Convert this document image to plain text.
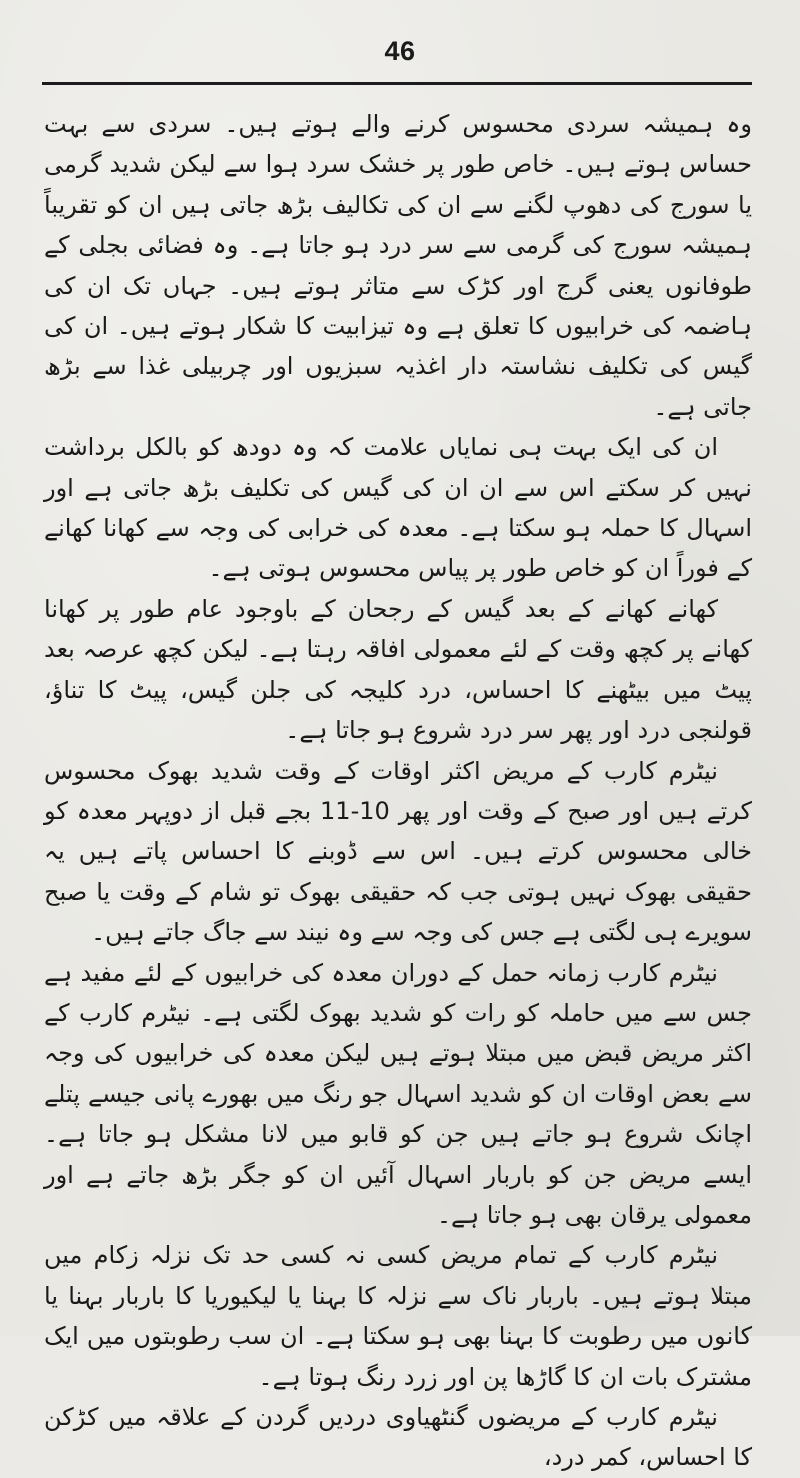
46

وہ ہمیشہ سردی محسوس کرنے والے ہوتے ہیں۔ سردی سے بہت حساس ہوتے ہیں۔ خاص طور پر خشک سرد ہوا سے لیکن شدید گرمی یا سورج کی دھوپ لگنے سے ان کی تکالیف بڑھ جاتی ہیں ان کو تقریباً ہمیشہ سورج کی گرمی سے سر درد ہو جاتا ہے۔ وہ فضائی بجلی کے طوفانوں یعنی گرج اور کڑک سے متاثر ہوتے ہیں۔ جہاں تک ان کی ہاضمہ کی خرابیوں کا تعلق ہے وہ تیزابیت کا شکار ہوتے ہیں۔ ان کی گیس کی تکلیف نشاستہ دار اغذیہ سبزیوں اور چربیلی غذا سے بڑھ جاتی ہے۔

ان کی ایک بہت ہی نمایاں علامت کہ وہ دودھ کو بالکل برداشت نہیں کر سکتے اس سے ان ان کی گیس کی تکلیف بڑھ جاتی ہے اور اسہال کا حملہ ہو سکتا ہے۔ معدہ کی خرابی کی وجہ سے کھانا کھانے کے فوراً ان کو خاص طور پر پیاس محسوس ہوتی ہے۔

کھانے کھانے کے بعد گیس کے رجحان کے باوجود عام طور پر کھانا کھانے پر کچھ وقت کے لئے معمولی افاقہ رہتا ہے۔ لیکن کچھ عرصہ بعد پیٹ میں بیٹھنے کا احساس، درد کلیجہ کی جلن گیس، پیٹ کا تناؤ، قولنجی درد اور پھر سر درد شروع ہو جاتا ہے۔

نیٹرم کارب کے مریض اکثر اوقات کے وقت شدید بھوک محسوس کرتے ہیں اور صبح کے وقت اور پھر 10-11 بجے قبل از دوپہر معدہ کو خالی محسوس کرتے ہیں۔ اس سے ڈوبنے کا احساس پاتے ہیں یہ حقیقی بھوک نہیں ہوتی جب کہ حقیقی بھوک تو شام کے وقت یا صبح سویرے ہی لگتی ہے جس کی وجہ سے وہ نیند سے جاگ جاتے ہیں۔

نیٹرم کارب زمانہ حمل کے دوران معدہ کی خرابیوں کے لئے مفید ہے جس سے میں حاملہ کو رات کو شدید بھوک لگتی ہے۔ نیٹرم کارب کے اکثر مریض قبض میں مبتلا ہوتے ہیں لیکن معدہ کی خرابیوں کی وجہ سے بعض اوقات ان کو شدید اسہال جو رنگ میں بھورے پانی جیسے پتلے اچانک شروع ہو جاتے ہیں جن کو قابو میں لانا مشکل ہو جاتا ہے۔ ایسے مریض جن کو باربار اسہال آئیں ان کو جگر بڑھ جاتے ہے اور معمولی یرقان بھی ہو جاتا ہے۔

نیٹرم کارب کے تمام مریض کسی نہ کسی حد تک نزلہ زکام میں مبتلا ہوتے ہیں۔ باربار ناک سے نزلہ کا بہنا یا لیکیوریا کا باربار بہنا یا کانوں میں رطوبت کا بہنا بھی ہو سکتا ہے۔ ان سب رطوبتوں میں ایک مشترک بات ان کا گاڑھا پن اور زرد رنگ ہوتا ہے۔

نیٹرم کارب کے مریضوں گنٹھیاوی دردیں گردن کے علاقہ میں کڑکن کا احساس، کمر درد،
